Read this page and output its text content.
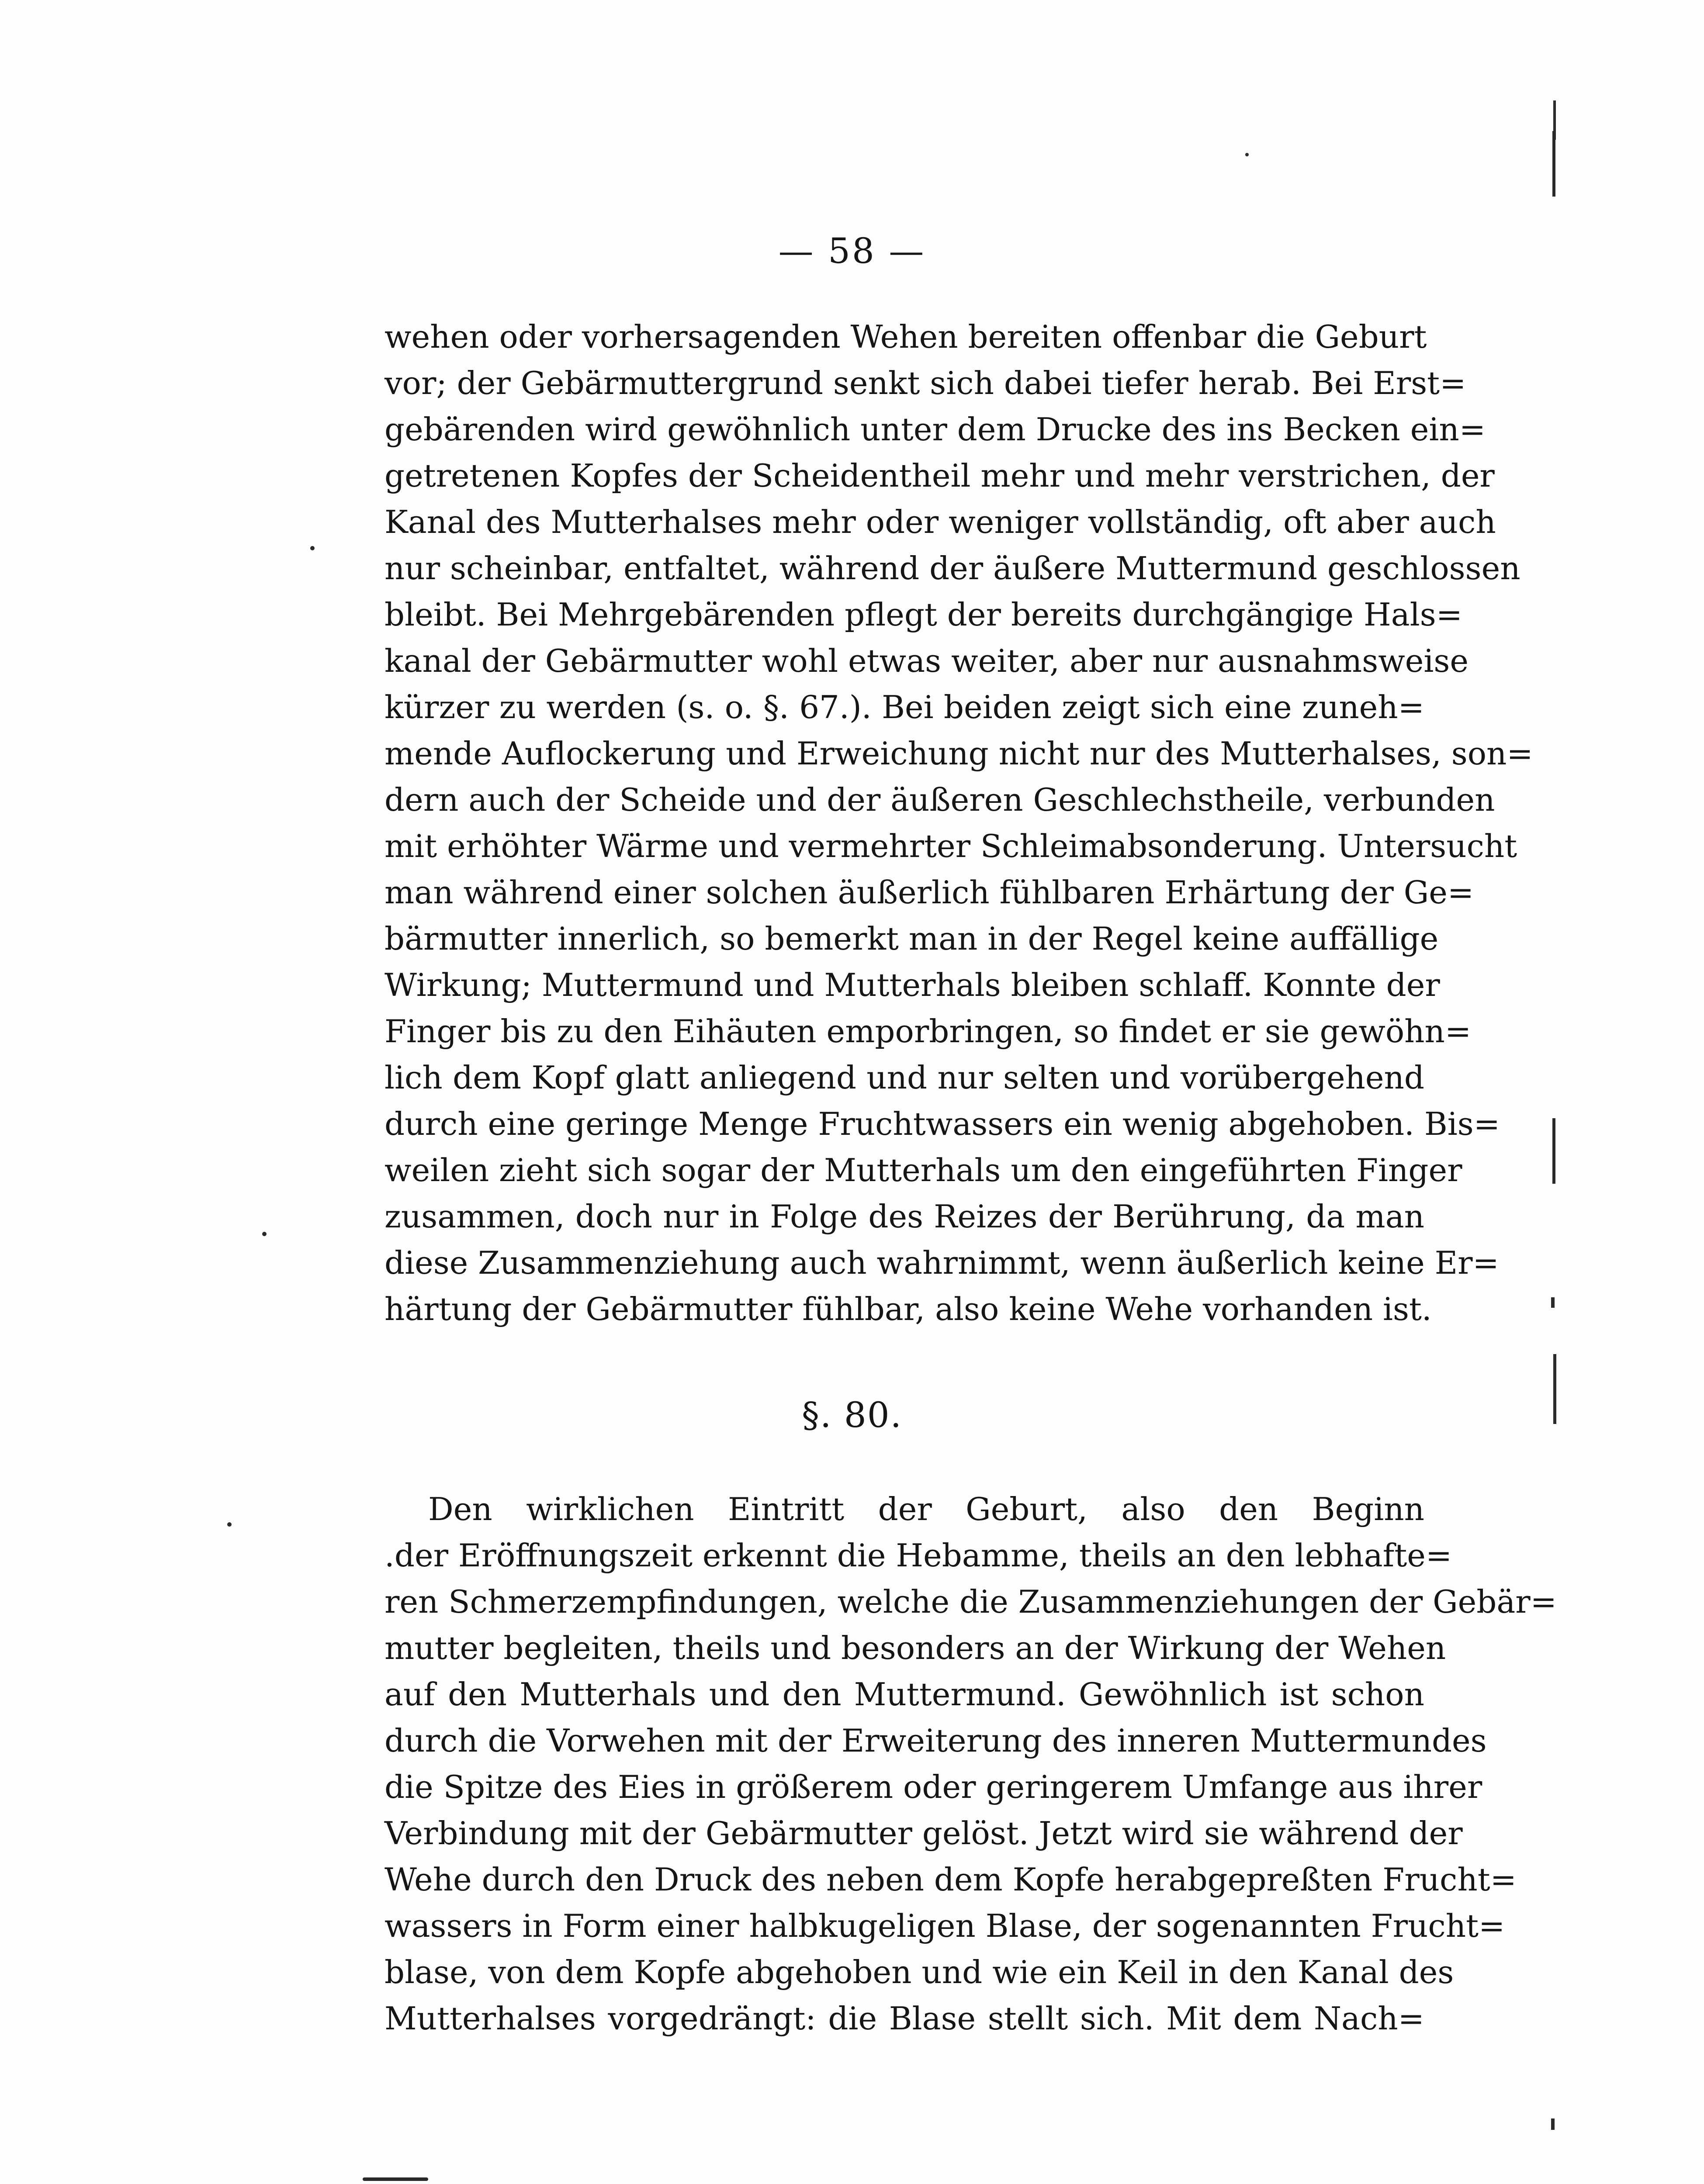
— 58 —
wehen oder vorhersagenden Wehen bereiten offenbar die Geburt
vor; der Gebärmuttergrund senkt sich dabei tiefer herab. Bei Erst=
gebärenden wird gewöhnlich unter dem Drucke des ins Becken ein=
getretenen Kopfes der Scheidentheil mehr und mehr verstrichen, der
Kanal des Mutterhalses mehr oder weniger vollständig, oft aber auch
nur scheinbar, entfaltet, während der äußere Muttermund geschlossen
bleibt. Bei Mehrgebärenden pflegt der bereits durchgängige Hals=
kanal der Gebärmutter wohl etwas weiter, aber nur ausnahmsweise
kürzer zu werden (s. o. §. 67.). Bei beiden zeigt sich eine zuneh=
mende Auflockerung und Erweichung nicht nur des Mutterhalses, son=
dern auch der Scheide und der äußeren Geschlechstheile, verbunden
mit erhöhter Wärme und vermehrter Schleimabsonderung. Untersucht
man während einer solchen äußerlich fühlbaren Erhärtung der Ge=
bärmutter innerlich, so bemerkt man in der Regel keine auffällige
Wirkung; Muttermund und Mutterhals bleiben schlaff. Konnte der
Finger bis zu den Eihäuten emporbringen, so findet er sie gewöhn=
lich dem Kopf glatt anliegend und nur selten und vorübergehend
durch eine geringe Menge Fruchtwassers ein wenig abgehoben. Bis=
weilen zieht sich sogar der Mutterhals um den eingeführten Finger
zusammen, doch nur in Folge des Reizes der Berührung, da man
diese Zusammenziehung auch wahrnimmt, wenn äußerlich keine Er=
härtung der Gebärmutter fühlbar, also keine Wehe vorhanden ist.
§. 80.
Den wirklichen Eintritt der Geburt, also den Beginn
.der Eröffnungszeit erkennt die Hebamme, theils an den lebhafte=
ren Schmerzempfindungen, welche die Zusammenziehungen der Gebär=
mutter begleiten, theils und besonders an der Wirkung der Wehen
auf den Mutterhals und den Muttermund. Gewöhnlich ist schon
durch die Vorwehen mit der Erweiterung des inneren Muttermundes
die Spitze des Eies in größerem oder geringerem Umfange aus ihrer
Verbindung mit der Gebärmutter gelöst. Jetzt wird sie während der
Wehe durch den Druck des neben dem Kopfe herabgepreßten Frucht=
wassers in Form einer halbkugeligen Blase, der sogenannten Frucht=
blase, von dem Kopfe abgehoben und wie ein Keil in den Kanal des
Mutterhalses vorgedrängt: die Blase stellt sich. Mit dem Nach=
